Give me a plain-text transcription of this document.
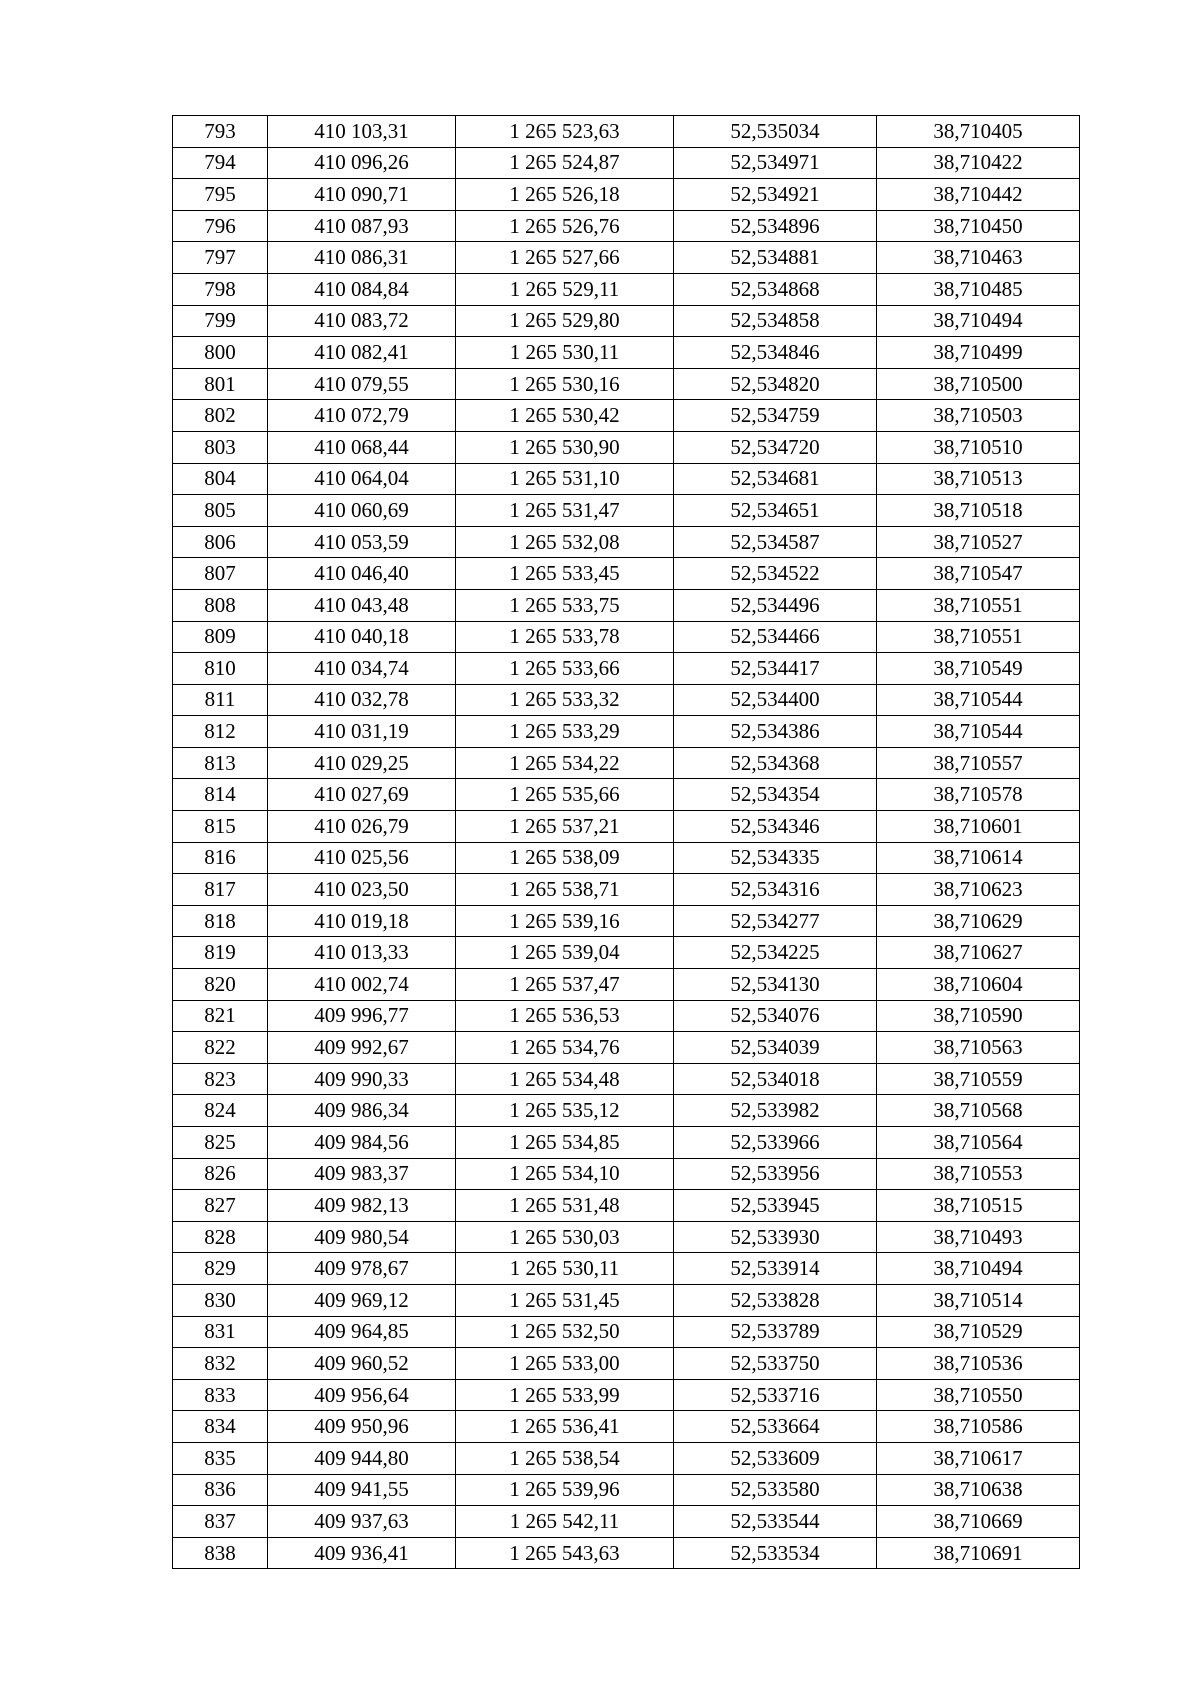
793	410 103,31	1 265 523,63	52,535034	38,710405
794	410 096,26	1 265 524,87	52,534971	38,710422
795	410 090,71	1 265 526,18	52,534921	38,710442
796	410 087,93	1 265 526,76	52,534896	38,710450
797	410 086,31	1 265 527,66	52,534881	38,710463
798	410 084,84	1 265 529,11	52,534868	38,710485
799	410 083,72	1 265 529,80	52,534858	38,710494
800	410 082,41	1 265 530,11	52,534846	38,710499
801	410 079,55	1 265 530,16	52,534820	38,710500
802	410 072,79	1 265 530,42	52,534759	38,710503
803	410 068,44	1 265 530,90	52,534720	38,710510
804	410 064,04	1 265 531,10	52,534681	38,710513
805	410 060,69	1 265 531,47	52,534651	38,710518
806	410 053,59	1 265 532,08	52,534587	38,710527
807	410 046,40	1 265 533,45	52,534522	38,710547
808	410 043,48	1 265 533,75	52,534496	38,710551
809	410 040,18	1 265 533,78	52,534466	38,710551
810	410 034,74	1 265 533,66	52,534417	38,710549
811	410 032,78	1 265 533,32	52,534400	38,710544
812	410 031,19	1 265 533,29	52,534386	38,710544
813	410 029,25	1 265 534,22	52,534368	38,710557
814	410 027,69	1 265 535,66	52,534354	38,710578
815	410 026,79	1 265 537,21	52,534346	38,710601
816	410 025,56	1 265 538,09	52,534335	38,710614
817	410 023,50	1 265 538,71	52,534316	38,710623
818	410 019,18	1 265 539,16	52,534277	38,710629
819	410 013,33	1 265 539,04	52,534225	38,710627
820	410 002,74	1 265 537,47	52,534130	38,710604
821	409 996,77	1 265 536,53	52,534076	38,710590
822	409 992,67	1 265 534,76	52,534039	38,710563
823	409 990,33	1 265 534,48	52,534018	38,710559
824	409 986,34	1 265 535,12	52,533982	38,710568
825	409 984,56	1 265 534,85	52,533966	38,710564
826	409 983,37	1 265 534,10	52,533956	38,710553
827	409 982,13	1 265 531,48	52,533945	38,710515
828	409 980,54	1 265 530,03	52,533930	38,710493
829	409 978,67	1 265 530,11	52,533914	38,710494
830	409 969,12	1 265 531,45	52,533828	38,710514
831	409 964,85	1 265 532,50	52,533789	38,710529
832	409 960,52	1 265 533,00	52,533750	38,710536
833	409 956,64	1 265 533,99	52,533716	38,710550
834	409 950,96	1 265 536,41	52,533664	38,710586
835	409 944,80	1 265 538,54	52,533609	38,710617
836	409 941,55	1 265 539,96	52,533580	38,710638
837	409 937,63	1 265 542,11	52,533544	38,710669
838	409 936,41	1 265 543,63	52,533534	38,710691
